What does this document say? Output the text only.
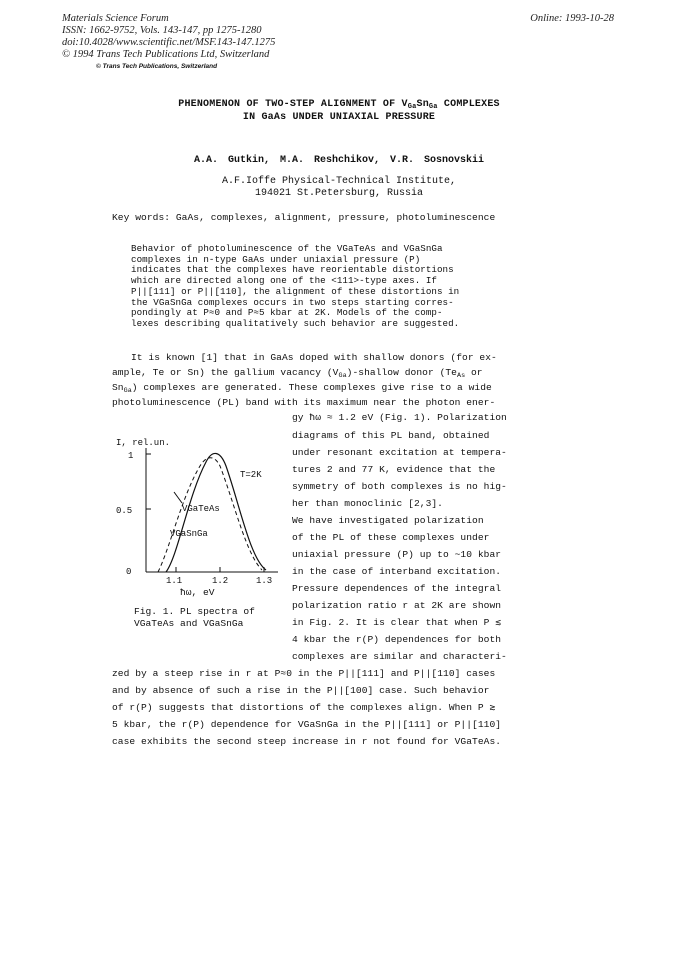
Materials Science Forum
ISSN: 1662-9752, Vols. 143-147, pp 1275-1280
doi:10.4028/www.scientific.net/MSF.143-147.1275
© 1994 Trans Tech Publications Ltd, Switzerland
Online: 1993-10-28
© Trans Tech Publications, Switzerland
PHENOMENON OF TWO-STEP ALIGNMENT OF $V_{Ga}Sn_{Ga}$ COMPLEXES
IN GaAs UNDER UNIAXIAL PRESSURE
A.A. Gutkin, M.A. Reshchikov, V.R. Sosnovskii
A.F.Ioffe Physical-Technical Institute,
194021 St.Petersburg, Russia
Key words: GaAs, complexes, alignment, pressure, photoluminescence
Behavior of photoluminescence of the VGaTeAs and VGaSnGa
complexes in n-type GaAs under uniaxial pressure (P)
indicates that the complexes have reorientable distortions
which are directed along one of the <111>-type axes. If
P||[111] or P||[110], the alignment of these distortions in
the VGaSnGa complexes occurs in two steps starting corres-
pondingly at P≈0 and P≈5 kbar at 2K. Models of the comp-
lexes describing qualitatively such behavior are suggested.
It is known [1] that in GaAs doped with shallow donors (for ex-
ample, Te or Sn) the gallium vacancy $(V_{Ga})$-shallow donor ($Te_{As}$ or
$Sn_{Ga}$) complexes are generated. These complexes give rise to a wide
photoluminescence (PL) band with its maximum near the photon ener-
gy ħω ≈ 1.2 eV (Fig. 1). Polarization
diagrams of this PL band, obtained
under resonant excitation at tempera-
tures 2 and 77 K, evidence that the
symmetry of both complexes is no hig-
her than monoclinic [2,3].
We have investigated polarization
of the PL of these complexes under
uniaxial pressure (P) up to ~10 kbar
in the case of interband excitation.
Pressure dependences of the integral
polarization ratio r at 2K are shown
in Fig. 2. It is clear that when P ≲
4 kbar the r(P) dependences for both
complexes are similar and characteri-
zed by a steep rise in r at P≈0 in the P||[111] and P||[110] cases
and by absence of such a rise in the P||[100] case. Such behavior
of r(P) suggests that distortions of the complexes align. When P ≳
5 kbar, the r(P) dependence for VGaSnGa in the P||[111] or P||[110]
case exhibits the second steep increase in r not found for VGaTeAs.
I, rel.un.
1
0.5
0
1.1	1.2	1.3
T=2K
VGaTeAs
VGaSnGa
ħω, eV
Fig. 1. PL spectra of
VGaTeAs and VGaSnGa
